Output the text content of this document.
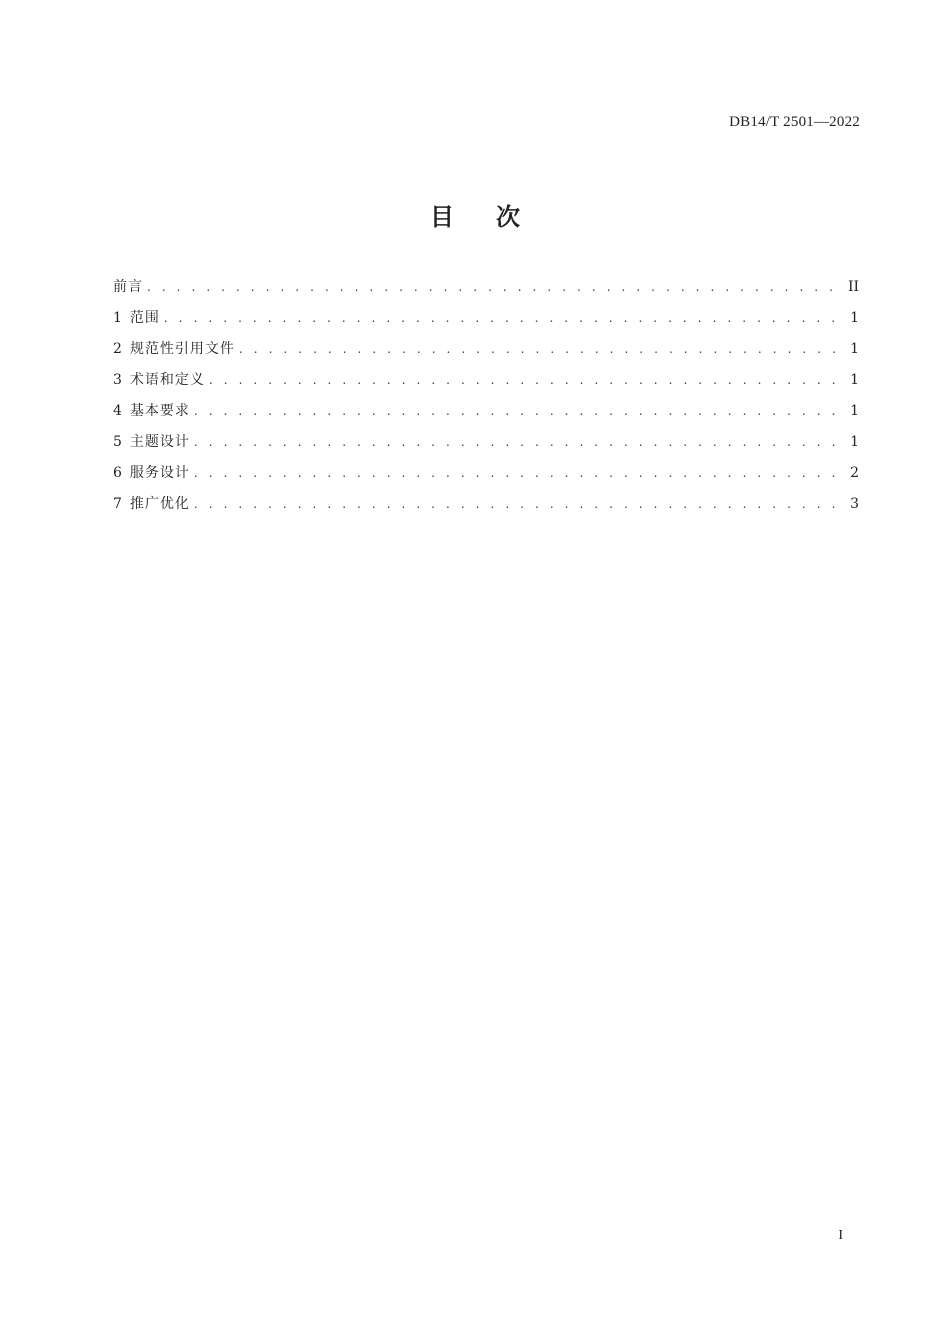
DB14/T 2501—2022
目 次
前言 . . .	II
1 范围 . . .	1
2 规范性引用文件 . . .	1
3 术语和定义 . . .	1
4 基本要求 . . .	1
5 主题设计 . . .	1
6 服务设计 . . .	2
7 推广优化 . . .	3
I
